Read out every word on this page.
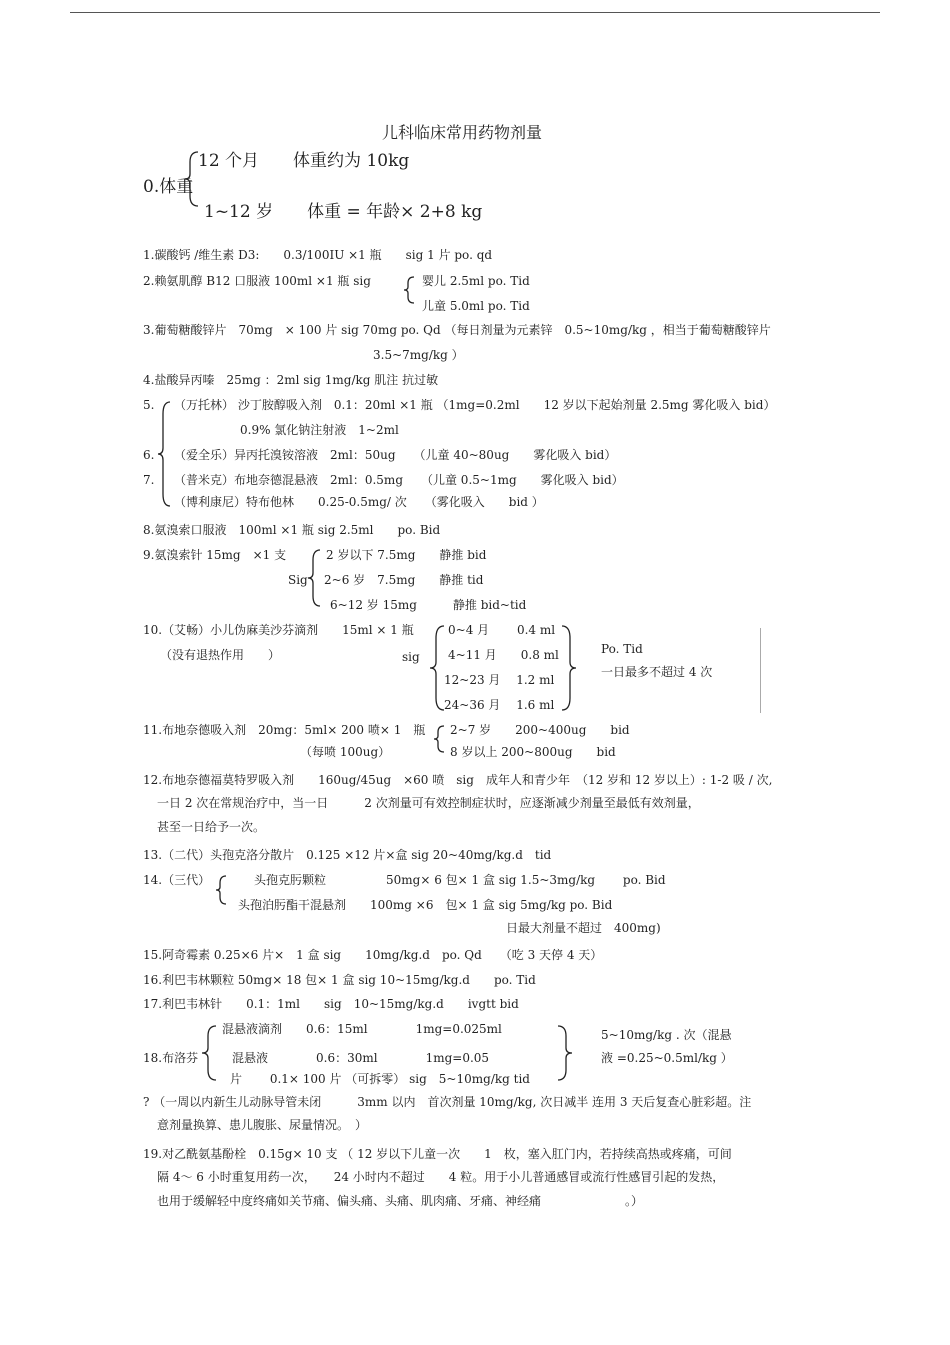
儿科临床常用药物剂量
0.体重
12 个月　　体重约为 10kg
1~12 岁　　体重 = 年龄× 2+8 kg
1.碳酸钙 /维生素 D3:　　0.3/100IU ×1 瓶　　sig 1 片 po. qd
2.赖氨肌醇 B12 口服液 100ml ×1 瓶 sig	婴儿 2.5ml po. Tid
儿童 5.0ml po. Tid
3.葡萄糖酸锌片　70mg　× 100 片 sig 70mg po. Qd （每日剂量为元素锌　0.5~10mg/kg ，相当于葡萄糖酸锌片
3.5~7mg/kg ）
4.盐酸异丙嗪　25mg ：2ml sig 1mg/kg 肌注 抗过敏
5. （万托林） 沙丁胺醇吸入剂　0.1：20ml ×1 瓶 （1mg=0.2ml　　12 岁以下起始剂量 2.5mg 雾化吸入 bid）
0.9% 氯化钠注射液　1~2ml
6. （爱全乐）异丙托溴铵溶液　2ml：50ug　　（儿童 40~80ug　　雾化吸入 bid）
7. （普米克）布地奈德混悬液　2ml：0.5mg　　（儿童 0.5~1mg　　雾化吸入 bid）
（博利康尼）特布他林　　0.25-0.5mg/ 次　　（雾化吸入　　bid ）
8.氨溴索口服液　100ml ×1 瓶 sig 2.5ml　　po. Bid
9.氨溴索针 15mg　×1 支
Sig
2 岁以下 7.5mg　　静推 bid
2~6 岁　7.5mg　　静推 tid
6~12 岁 15mg　　　静推 bid~tid
10.（艾畅）小儿伪麻美沙芬滴剂　　15ml × 1 瓶
（没有退热作用　　）	sig
0~4 月　　 0.4 ml
4~11 月　　0.8 ml
12~23 月　 1.2 ml
24~36 月　 1.6 ml
Po. Tid
一日最多不超过 4 次
11.布地奈德吸入剂　20mg：5ml× 200 喷× 1　瓶
（每喷 100ug）
2~7 岁　　200~400ug　　bid
8 岁以上 200~800ug　　bid
12.布地奈德福莫特罗吸入剂　　160ug/45ug　×60 喷　sig　成年人和青少年　（12 岁和 12 岁以上）: 1-2 吸 / 次,
一日 2 次在常规治疗中，当一日　　　2 次剂量可有效控制症状时，应逐渐减少剂量至最低有效剂量，
甚至一日给予一次。
13.（二代）头孢克洛分散片　0.125 ×12 片×盒 sig 20~40mg/kg.d　tid
14.（三代）	头孢克肟颗粒　　　　　50mg× 6 包× 1 盒 sig 1.5~3mg/kg　　 po. Bid
头孢泊肟酯干混悬剂　　100mg ×6　包× 1 盒 sig 5mg/kg po. Bid
日最大剂量不超过　400mg)
15.阿奇霉素 0.25×6 片×　1 盒 sig　　10mg/kg.d　po. Qd　　（吃 3 天停 4 天）
16.利巴韦林颗粒 50mg× 18 包× 1 盒 sig 10~15mg/kg.d　　po. Tid
17.利巴韦林针　　0.1：1ml　　sig　10~15mg/kg.d　　ivgtt bid
18.布洛芬
混悬液滴剂　　0.6：15ml　　　　1mg=0.025ml
混悬液　　　　0.6：30ml　　　　1mg=0.05
片　　 0.1× 100 片 （可拆零） sig　5~10mg/kg tid
5~10mg/kg . 次（混悬
液 =0.25~0.5ml/kg ）
? （一周以内新生儿动脉导管未闭　　　3mm 以内　首次剂量 10mg/kg, 次日减半 连用 3 天后复查心脏彩超。注
意剂量换算、患儿腹胀、尿量情况。　）
19.对乙酰氨基酚栓　0.15g× 10 支 （ 12 岁以下儿童一次　　1　枚，塞入肛门内，若持续高热或疼痛，可间
隔 4～ 6 小时重复用药一次，　　24 小时内不超过　　4 粒。用于小儿普通感冒或流行性感冒引起的发热，
也用于缓解轻中度终痛如关节痛、偏头痛、头痛、肌肉痛、牙痛、神经痛　　　　　　　。）
